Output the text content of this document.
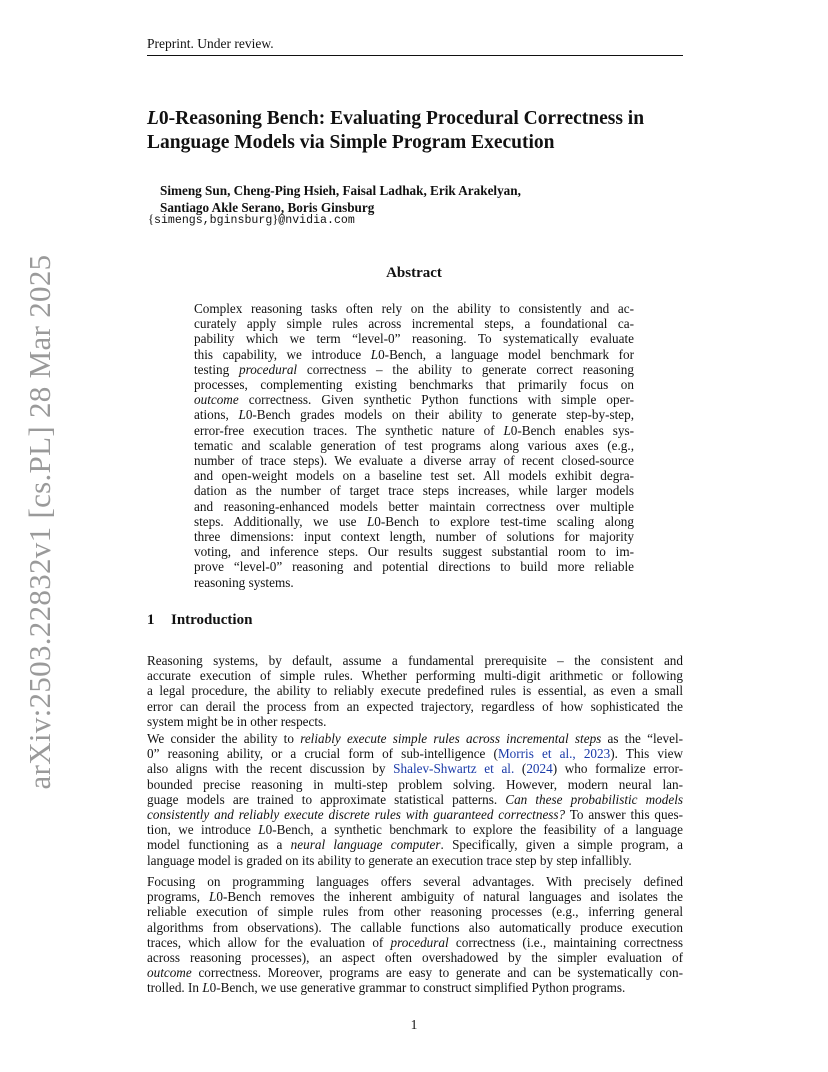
Preprint. Under review.
arXiv:2503.22832v1 [cs.PL] 28 Mar 2025
L0-Reasoning Bench: Evaluating Procedural Correctness in
Language Models via Simple Program Execution
Simeng Sun, Cheng-Ping Hsieh, Faisal Ladhak, Erik Arakelyan,
Santiago Akle Serano, Boris Ginsburg
{simengs,bginsburg}@nvidia.com
Abstract
Complex reasoning tasks often rely on the ability to consistently and ac-
curately apply simple rules across incremental steps, a foundational ca-
pability which we term “level-0” reasoning. To systematically evaluate
this capability, we introduce L0-Bench, a language model benchmark for
testing procedural correctness – the ability to generate correct reasoning
processes, complementing existing benchmarks that primarily focus on
outcome correctness. Given synthetic Python functions with simple oper-
ations, L0-Bench grades models on their ability to generate step-by-step,
error-free execution traces. The synthetic nature of L0-Bench enables sys-
tematic and scalable generation of test programs along various axes (e.g.,
number of trace steps). We evaluate a diverse array of recent closed-source
and open-weight models on a baseline test set. All models exhibit degra-
dation as the number of target trace steps increases, while larger models
and reasoning-enhanced models better maintain correctness over multiple
steps. Additionally, we use L0-Bench to explore test-time scaling along
three dimensions: input context length, number of solutions for majority
voting, and inference steps. Our results suggest substantial room to im-
prove “level-0” reasoning and potential directions to build more reliable
reasoning systems.
1 Introduction
Reasoning systems, by default, assume a fundamental prerequisite – the consistent and
accurate execution of simple rules. Whether performing multi-digit arithmetic or following
a legal procedure, the ability to reliably execute predefined rules is essential, as even a small
error can derail the process from an expected trajectory, regardless of how sophisticated the
system might be in other respects.
We consider the ability to reliably execute simple rules across incremental steps as the “level-
0” reasoning ability, or a crucial form of sub-intelligence (Morris et al., 2023). This view
also aligns with the recent discussion by Shalev-Shwartz et al. (2024) who formalize error-
bounded precise reasoning in multi-step problem solving. However, modern neural lan-
guage models are trained to approximate statistical patterns. Can these probabilistic models
consistently and reliably execute discrete rules with guaranteed correctness? To answer this ques-
tion, we introduce L0-Bench, a synthetic benchmark to explore the feasibility of a language
model functioning as a neural language computer. Specifically, given a simple program, a
language model is graded on its ability to generate an execution trace step by step infallibly.
Focusing on programming languages offers several advantages. With precisely defined
programs, L0-Bench removes the inherent ambiguity of natural languages and isolates the
reliable execution of simple rules from other reasoning processes (e.g., inferring general
algorithms from observations). The callable functions also automatically produce execution
traces, which allow for the evaluation of procedural correctness (i.e., maintaining correctness
across reasoning processes), an aspect often overshadowed by the simpler evaluation of
outcome correctness. Moreover, programs are easy to generate and can be systematically con-
trolled. In L0-Bench, we use generative grammar to construct simplified Python programs.
1
